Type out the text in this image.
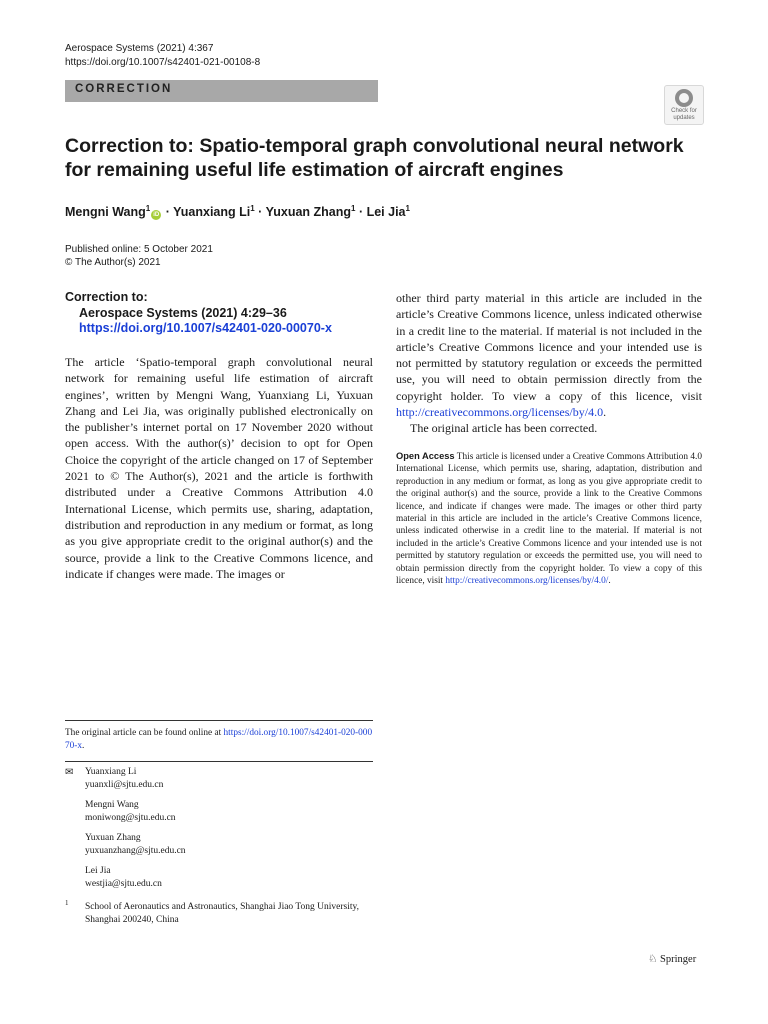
Aerospace Systems (2021) 4:367
https://doi.org/10.1007/s42401-021-00108-8
CORRECTION
Check for
updates
Correction to: Spatio-temporal graph convolutional neural network for remaining useful life estimation of aircraft engines
Mengni Wang$^1$iD · Yuanxiang $Li^1$ · Yuxuan Zhang$^1$ · Lei Jia$^1$
Published online: 5 October 2021
© The Author(s) 2021
Correction to:
Aerospace Systems (2021) 4:29–36
https://doi.org/10.1007/s42401-020-00070-x
The article ‘Spatio-temporal graph convolutional neural network for remaining useful life estimation of aircraft engines’, written by Mengni Wang, Yuanxiang Li, Yuxuan Zhang and Lei Jia, was originally published electronically on the publisher’s internet portal on 17 November 2020 without open access. With the author(s)’ decision to opt for Open Choice the copyright of the article changed on 17 of September 2021 to © The Author(s), 2021 and the article is forthwith distributed under a Creative Commons Attribution 4.0 International License, which permits use, sharing, adaptation, distribution and reproduction in any medium or format, as long as you give appropriate credit to the original author(s) and the source, provide a link to the Creative Commons licence, and indicate if changes were made. The images or

other third party material in this article are included in the article’s Creative Commons licence, unless indicated otherwise in a credit line to the material. If material is not included in the article’s Creative Commons licence and your intended use is not permitted by statutory regulation or exceeds the permitted use, you will need to obtain permission directly from the copyright holder. To view a copy of this licence, visit http://creativecommons.org/licenses/by/4.0.

The original article has been corrected.

Open Access This article is licensed under a Creative Commons Attribution 4.0 International License, which permits use, sharing, adaptation, distribution and reproduction in any medium or format, as long as you give appropriate credit to the original author(s) and the source, provide a link to the Creative Commons licence, and indicate if changes were made. The images or other third party material in this article are included in the article’s Creative Commons licence, unless indicated otherwise in a credit line to the material. If material is not included in the article’s Creative Commons licence and your intended use is not permitted by statutory regulation or exceeds the permitted use, you will need to obtain permission directly from the copyright holder. To view a copy of this licence, visit http://creativecommons.org/licenses/by/4.0/.
The original article can be found online at https://doi.org/10.1007/s42401-020-00070-x.
✉ Yuanxiang Li
yuanxli@sjtu.edu.cn
Mengni Wang
moniwong@sjtu.edu.cn
Yuxuan Zhang
yuxuanzhang@sjtu.edu.cn
Lei Jia
westjia@sjtu.edu.cn
1 School of Aeronautics and Astronautics, Shanghai Jiao Tong University, Shanghai 200240, China
♘ Springer
